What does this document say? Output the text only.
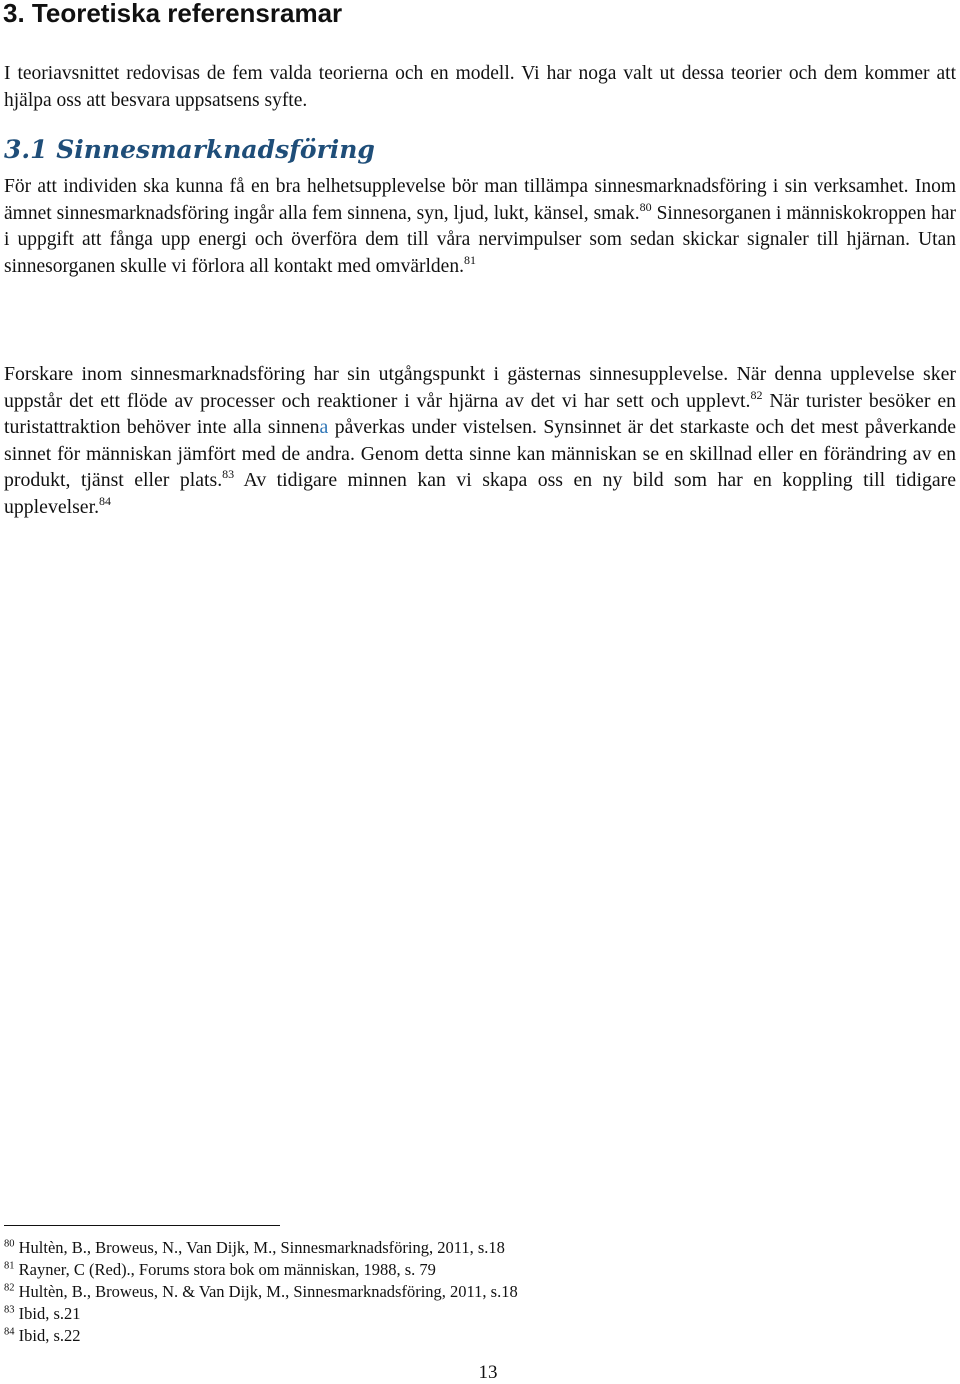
3. Teoretiska referensramar
I teoriavsnittet redovisas de fem valda teorierna och en modell. Vi har noga valt ut dessa teorier och dem kommer att hjälpa oss att besvara uppsatsens syfte.
3.1 Sinnesmarknadsföring
För att individen ska kunna få en bra helhetsupplevelse bör man tillämpa sinnesmarknadsföring i sin verksamhet. Inom ämnet sinnesmarknadsföring ingår alla fem sinnena, syn, ljud, lukt, känsel, smak.$^{80}$ Sinnesorganen i människokroppen har i uppgift att fånga upp energi och överföra dem till våra nervimpulser som sedan skickar signaler till hjärnan. Utan sinnesorganen skulle vi förlora all kontakt med omvärlden.$^{81}$
Forskare inom sinnesmarknadsföring har sin utgångspunkt i gästernas sinnesupplevelse. När denna upplevelse sker uppstår det ett flöde av processer och reaktioner i vår hjärna av det vi har sett och upplevt.$^{82}$ När turister besöker en turistattraktion behöver inte alla sinnena påverkas under vistelsen. Synsinnet är det starkaste och det mest påverkande sinnet för människan jämfört med de andra. Genom detta sinne kan människan se en skillnad eller en förändring av en produkt, tjänst eller plats.$^{83}$ Av tidigare minnen kan vi skapa oss en ny bild som har en koppling till tidigare upplevelser.$^{84}$
$^{80}$ Hultèn, B., Broweus, N., Van Dijk, M., Sinnesmarknadsföring, 2011, s.18
$^{81}$ Rayner, C (Red)., Forums stora bok om människan, 1988, s. 79
$^{82}$ Hultèn, B., Broweus, N. & Van Dijk, M., Sinnesmarknadsföring, 2011, s.18
$^{83}$ Ibid, s.21
$^{84}$ Ibid, s.22
13
